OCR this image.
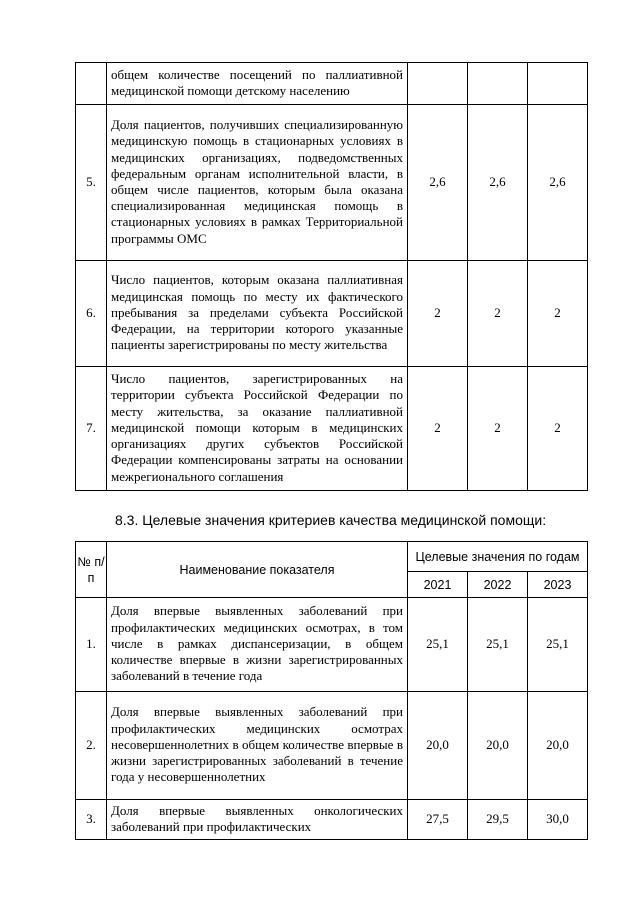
	общем количестве посещений по паллиативной медицинской помощи детскому населению			
5.	Доля пациентов, получивших специализированную медицинскую помощь в стационарных условиях в медицинских организациях, подведомственных федеральным органам исполнительной власти, в общем числе пациентов, которым была оказана специализированная медицинская помощь в стационарных условиях в рамках Территориальной программы ОМС	2,6	2,6	2,6
6.	Число пациентов, которым оказана паллиативная медицинская помощь по месту их фактического пребывания за пределами субъекта Российской Федерации, на территории которого указанные пациенты зарегистрированы по месту жительства	2	2	2
7.	Число пациентов, зарегистрированных на территории субъекта Российской Федерации по месту жительства, за оказание паллиативной медицинской помощи которым в медицинских организациях других субъектов Российской Федерации компенсированы затраты на основании межрегионального соглашения	2	2	2
8.3. Целевые значения критериев качества медицинской помощи:
№ п/п	Наименование показателя	Целевые значения по годам		
		2021	2022	2023
1.	Доля впервые выявленных заболеваний при профилактических медицинских осмотрах, в том числе в рамках диспансеризации, в общем количестве впервые в жизни зарегистрированных заболеваний в течение года	25,1	25,1	25,1
2.	Доля впервые выявленных заболеваний при профилактических медицинских осмотрах несовершеннолетних в общем количестве впервые в жизни зарегистрированных заболеваний в течение года у несовершеннолетних	20,0	20,0	20,0
3.	Доля впервые выявленных онкологических заболеваний при профилактических	27,5	29,5	30,0
